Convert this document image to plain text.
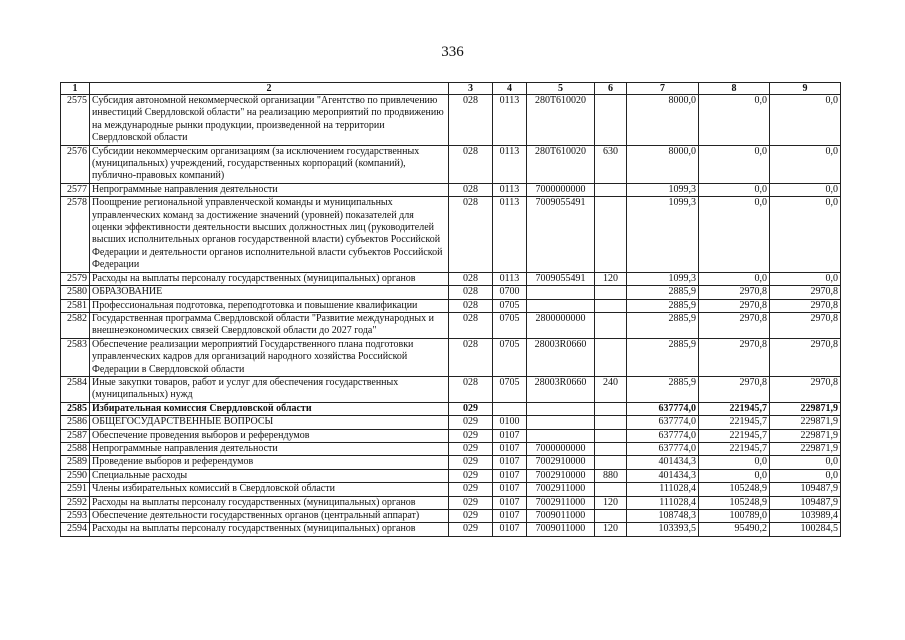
336
1	2	3	4	5	6	7	8	9
2575	Субсидия автономной некоммерческой организации "Агентство по привлечению инвестиций Свердловской области" на реализацию мероприятий по продвижению на международные рынки продукции, произведенной на территории Свердловской области	028	0113	280T610020		8000,0	0,0	0,0
2576	Субсидии некоммерческим организациям (за исключением государственных (муниципальных) учреждений, государственных корпораций (компаний), публично-правовых компаний)	028	0113	280T610020	630	8000,0	0,0	0,0
2577	Непрограммные направления деятельности	028	0113	7000000000		1099,3	0,0	0,0
2578	Поощрение региональной управленческой команды и муниципальных управленческих команд за достижение значений (уровней) показателей для оценки эффективности деятельности высших должностных лиц (руководителей высших исполнительных органов государственной власти) субъектов Российской Федерации и деятельности органов исполнительной власти субъектов Российской Федерации	028	0113	7009055491		1099,3	0,0	0,0
2579	Расходы на выплаты персоналу государственных (муниципальных) органов	028	0113	7009055491	120	1099,3	0,0	0,0
2580	ОБРАЗОВАНИЕ	028	0700			2885,9	2970,8	2970,8
2581	Профессиональная подготовка, переподготовка и повышение квалификации	028	0705			2885,9	2970,8	2970,8
2582	Государственная программа Свердловской области "Развитие международных и внешнеэкономических связей Свердловской области до 2027 года"	028	0705	2800000000		2885,9	2970,8	2970,8
2583	Обеспечение реализации мероприятий Государственного плана подготовки управленческих кадров для организаций народного хозяйства Российской Федерации в Свердловской области	028	0705	28003R0660		2885,9	2970,8	2970,8
2584	Иные закупки товаров, работ и услуг для обеспечения государственных (муниципальных) нужд	028	0705	28003R0660	240	2885,9	2970,8	2970,8
2585	Избирательная комиссия Свердловской области	029				637774,0	221945,7	229871,9
2586	ОБЩЕГОСУДАРСТВЕННЫЕ ВОПРОСЫ	029	0100			637774,0	221945,7	229871,9
2587	Обеспечение проведения выборов и референдумов	029	0107			637774,0	221945,7	229871,9
2588	Непрограммные направления деятельности	029	0107	7000000000		637774,0	221945,7	229871,9
2589	Проведение выборов и референдумов	029	0107	7002910000		401434,3	0,0	0,0
2590	Специальные расходы	029	0107	7002910000	880	401434,3	0,0	0,0
2591	Члены избирательных комиссий в Свердловской области	029	0107	7002911000		111028,4	105248,9	109487,9
2592	Расходы на выплаты персоналу государственных (муниципальных) органов	029	0107	7002911000	120	111028,4	105248,9	109487,9
2593	Обеспечение деятельности государственных органов (центральный аппарат)	029	0107	7009011000		108748,3	100789,0	103989,4
2594	Расходы на выплаты персоналу государственных (муниципальных) органов	029	0107	7009011000	120	103393,5	95490,2	100284,5
